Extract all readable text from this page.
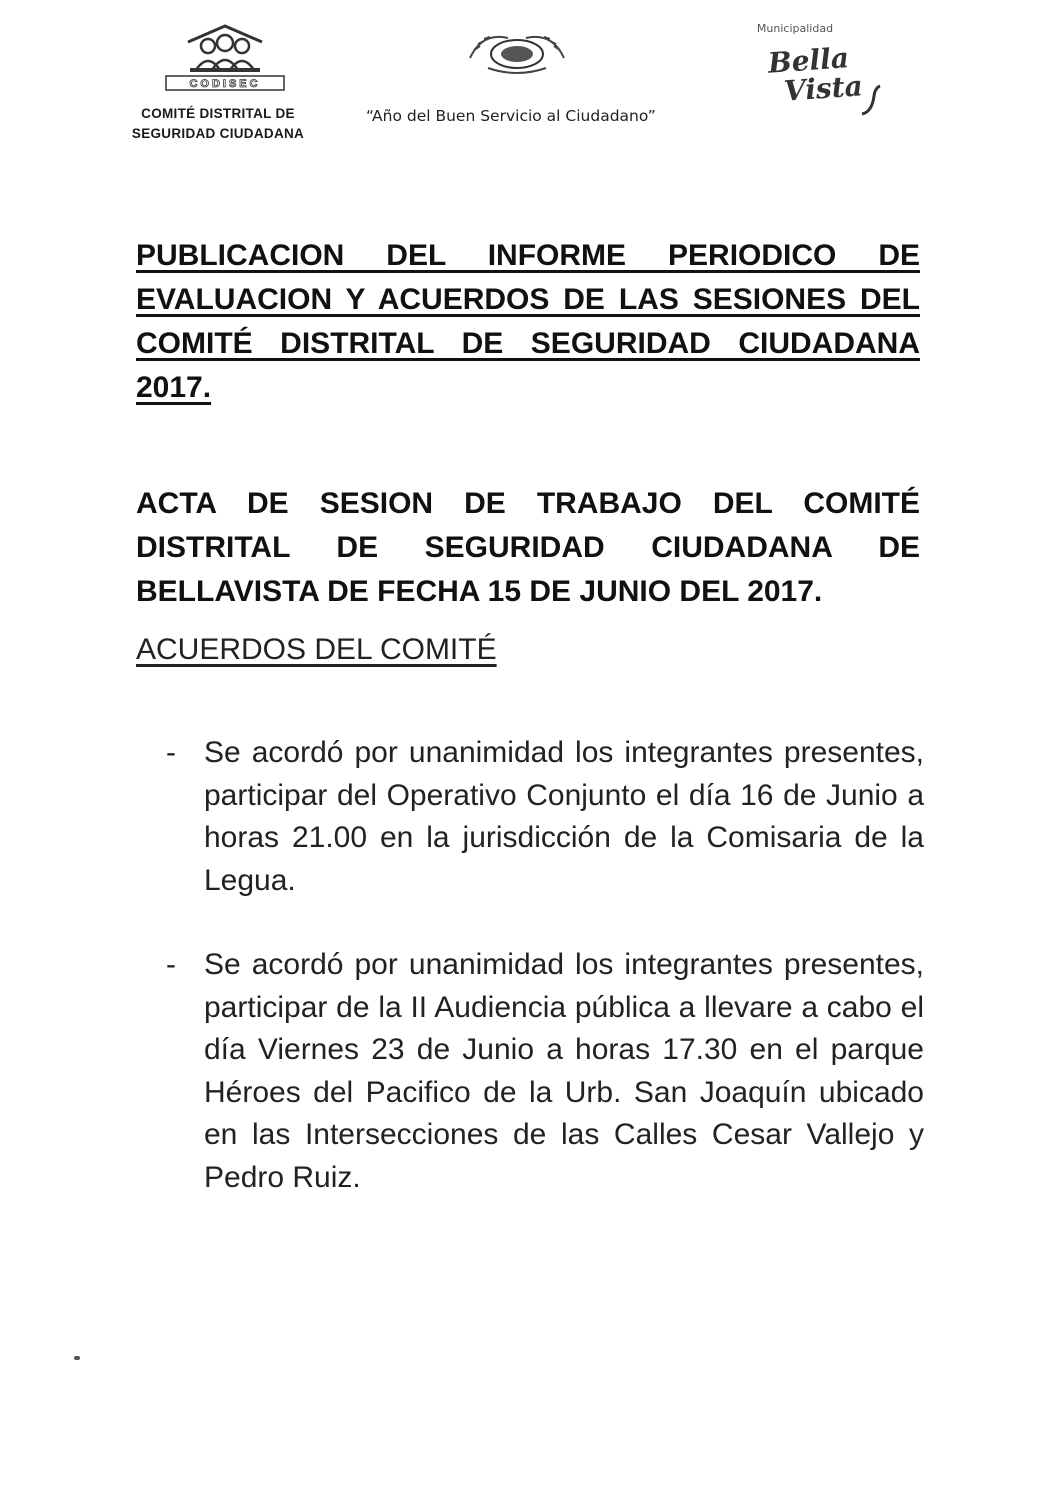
CODISEC
COMITÉ DISTRITAL DE
SEGURIDAD CIUDADANA
“Año del Buen Servicio al Ciudadano”
Municipalidad
Bella
Vista
PUBLICACION DEL INFORME PERIODICO DE EVALUACION Y ACUERDOS DE LAS SESIONES DEL COMITÉ DISTRITAL DE SEGURIDAD CIUDADANA 2017.
ACTA DE SESION DE TRABAJO DEL COMITÉ DISTRITAL DE SEGURIDAD CIUDADANA DE BELLAVISTA DE FECHA 15 DE JUNIO DEL 2017.
ACUERDOS DEL COMITÉ
- Se acordó por unanimidad los integrantes presentes, participar del Operativo Conjunto el día 16 de Junio a horas 21.00 en la jurisdicción de la Comisaria de la Legua.
- Se acordó por unanimidad los integrantes presentes, participar de la II Audiencia pública a llevare a cabo el día Viernes 23 de Junio a horas 17.30 en el parque Héroes del Pacifico de la Urb. San Joaquín ubicado en las Intersecciones de las Calles Cesar Vallejo y Pedro Ruiz.
